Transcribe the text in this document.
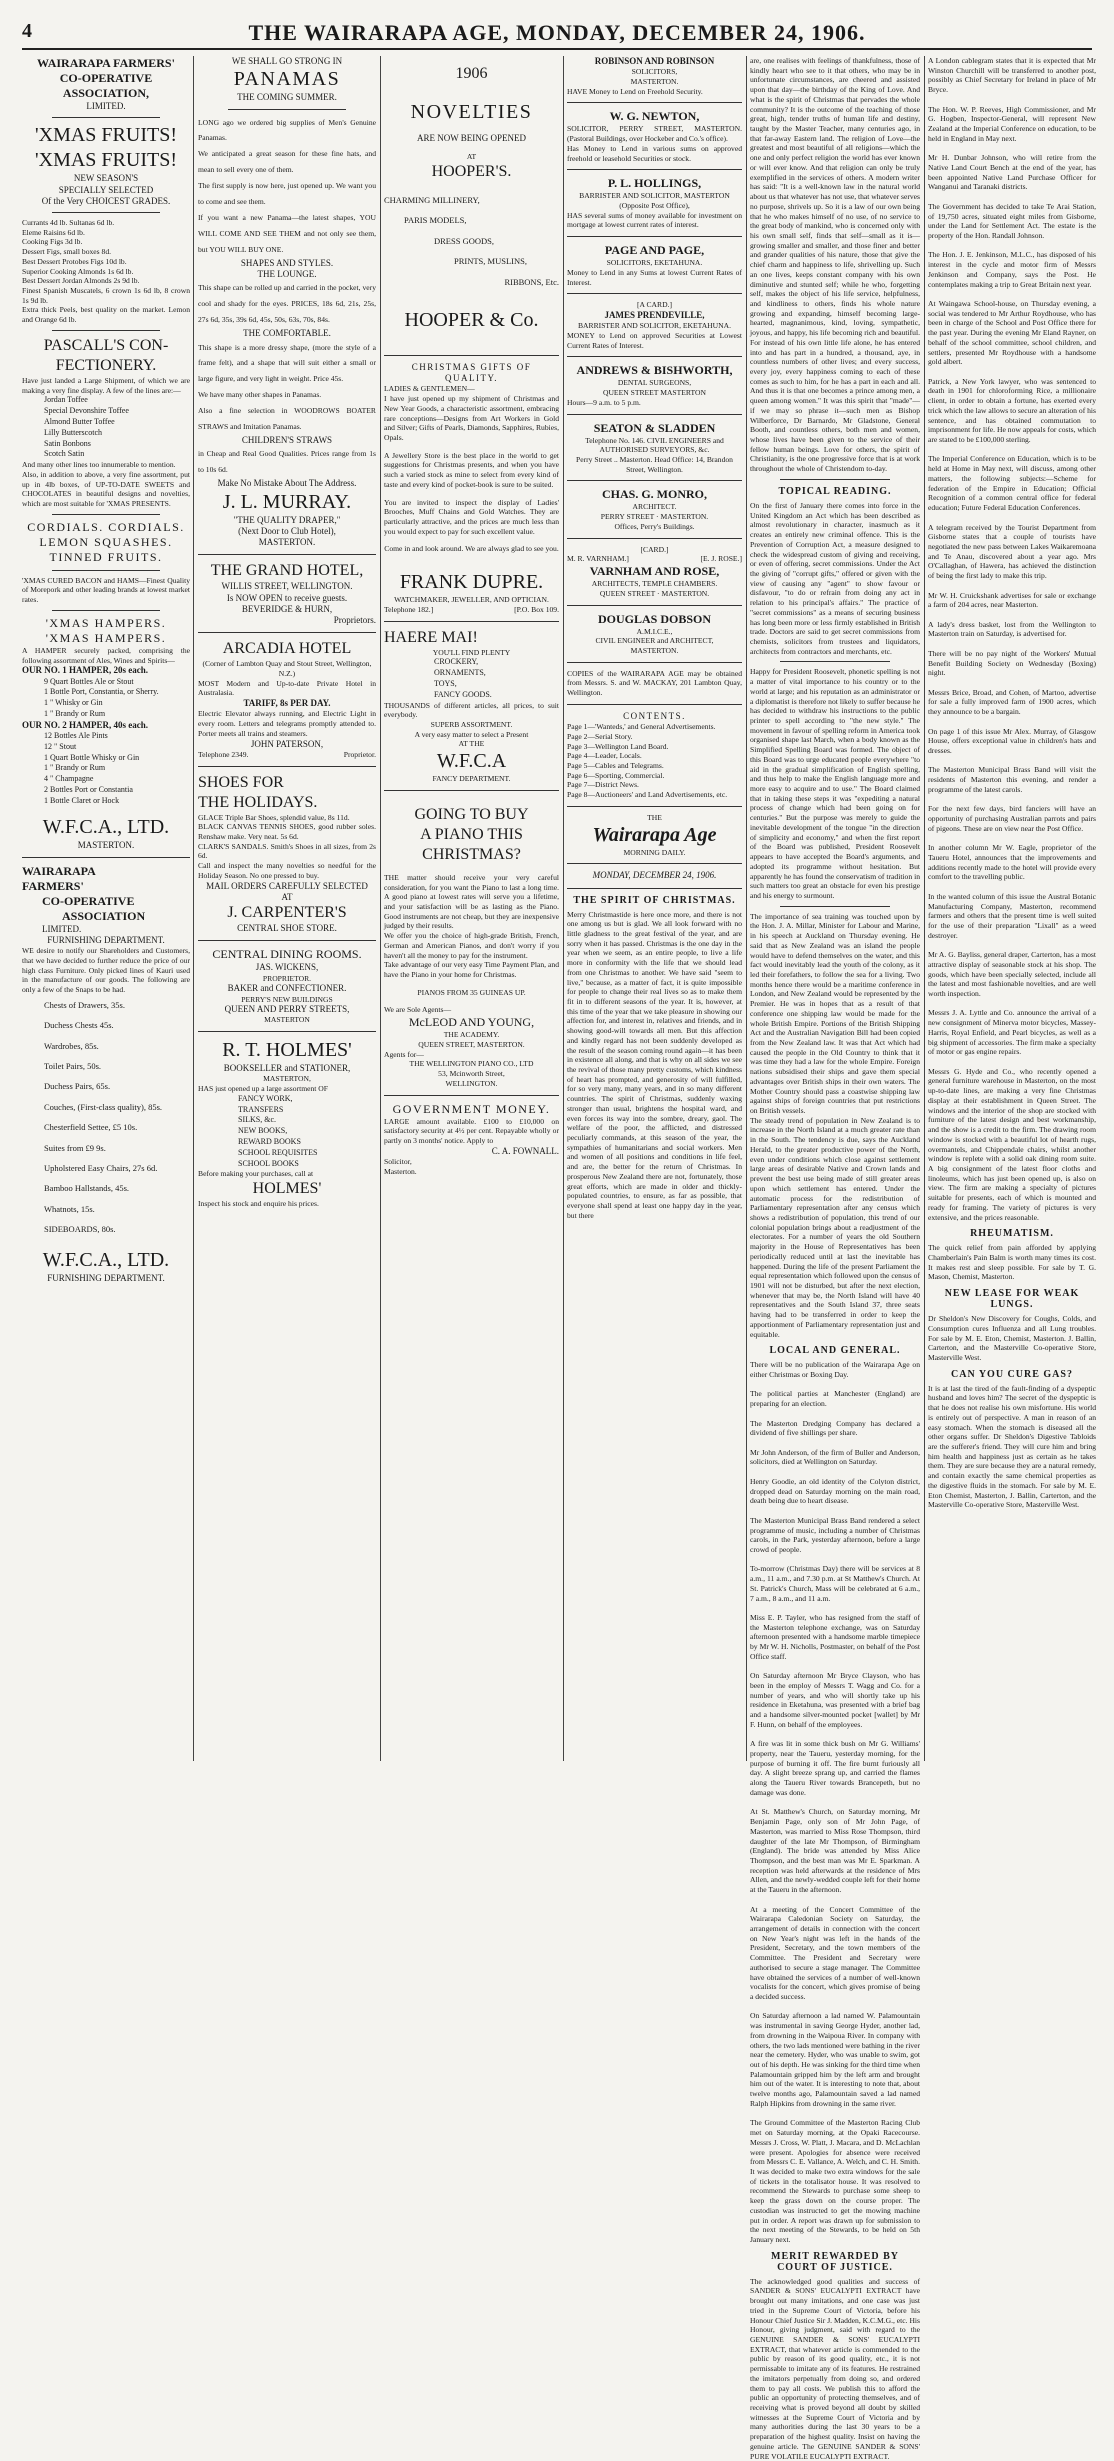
4	THE WAIRARAPA AGE, MONDAY, DECEMBER 24, 1906.

WAIRARAPA FARMERS'

CO-OPERATIVE ASSOCIATION,

LIMITED.

'XMAS FRUITS!

'XMAS FRUITS!

NEW SEASON'S

SPECIALLY SELECTED

Of the Very CHOICEST GRADES.

Currants 4d lb. Sultanas 6d lb.

Eleme Raisins 6d lb.

Cooking Figs 3d lb.

Dessert Figs, small boxes 8d.

Best Dessert Protobes Figs 10d lb.

Superior Cooking Almonds 1s 6d lb.

Best Dessert Jordan Almonds 2s 9d lb.

Finest Spanish Muscatels, 6 crown 1s 6d lb, 8 crown 1s 9d lb.

Extra thick Peels, best quality on the market. Lemon and Orange 6d lb.

PASCALL'S CON-

FECTIONERY.

Have just landed a Large Shipment, of which we are making a very fine display. A few of the lines are:—

Jordan Toffee
Special Devonshire Toffee
Almond Butter Toffee
Lilly Butterscotch
Satin Bonbons
Scotch Satin

And many other lines too innumerable to mention.

Also, in addition to above, a very fine assortment, put up in 4lb boxes, of UP-TO-DATE SWEETS and CHOCOLATES in beautiful designs and novelties, which are most suitable for 'XMAS PRESENTS.

CORDIALS. CORDIALS.

LEMON SQUASHES.

TINNED FRUITS.

'XMAS CURED BACON and HAMS—Finest Quality of Morepork and other leading brands at lowest market rates.

'XMAS HAMPERS.

'XMAS HAMPERS.

A HAMPER securely packed, comprising the following assortment of Ales, Wines and Spirits—

OUR NO. 1 HAMPER, 20s each.

9 Quart Bottles Ale or Stout
1 Bottle Port, Constantia, or Sherry.
1 " Whisky or Gin
1 " Brandy or Rum

OUR NO. 2 HAMPER, 40s each.

12 Bottles Ale Pints
12 " Stout
1 Quart Bottle Whisky or Gin
1 " Brandy or Rum
4 " Champagne
2 Bottles Port or Constantia
1 Bottle Claret or Hock

W.F.C.A., LTD.

MASTERTON.

WAIRARAPA

FARMERS'

CO-OPERATIVE

ASSOCIATION

LIMITED.

FURNISHING DEPARTMENT.

WE desire to notify our Shareholders and Customers, that we have decided to further reduce the price of our high class Furniture. Only picked lines of Kauri used in the manufacture of our goods. The following are only a few of the Snaps to be had.

Chests of Drawers, 35s.
Duchess Chests 45s.
Wardrobes, 85s.
Toilet Pairs, 50s.
Duchess Pairs, 65s.
Couches, (First-class quality), 85s.
Chesterfield Settee, £5 10s.
Suites from £9 9s.
Upholstered Easy Chairs, 27s 6d.
Bamboo Hallstands, 45s.
Whatnots, 15s.
SIDEBOARDS, 80s.

W.F.C.A., LTD.

FURNISHING DEPARTMENT.

WE SHALL GO STRONG IN

PANAMAS

THE COMING SUMMER.

LONG ago we ordered big supplies of Men's Genuine Panamas.

We anticipated a great season for these fine hats, and mean to sell every one of them.

The first supply is now here, just opened up. We want you to come and see them.

If you want a new Panama—the latest shapes, YOU WILL COME AND SEE THEM and not only see them, but YOU WILL BUY ONE.

SHAPES AND STYLES.

THE LOUNGE.

This shape can be rolled up and carried in the pocket, very cool and shady for the eyes. PRICES, 18s 6d, 21s, 25s, 27s 6d, 35s, 39s 6d, 45s, 50s, 63s, 70s, 84s.

THE COMFORTABLE.

This shape is a more dressy shape, (more the style of a frame felt), and a shape that will suit either a small or large figure, and very light in weight. Price 45s.

We have many other shapes in Panamas.

Also a fine selection in WOODROWS BOATER STRAWS and Imitation Panamas.

CHILDREN'S STRAWS

in Cheap and Real Good Qualities. Prices range from 1s to 10s 6d.

Make No Mistake About The Address.

J. L. MURRAY.

"THE QUALITY DRAPER,"

(Next Door to Club Hotel),

MASTERTON.

THE GRAND HOTEL,

WILLIS STREET, WELLINGTON.

Is NOW OPEN to receive guests.

BEVERIDGE & HURN,

Proprietors.

ARCADIA HOTEL

(Corner of Lambton Quay and Stout Street, Wellington, N.Z.)

MOST Modern and Up-to-date Private Hotel in Australasia.

TARIFF, 8s PER DAY.

Electric Elevator always running, and Electric Light in every room. Letters and telegrams promptly attended to. Porter meets all trains and steamers.

JOHN PATERSON,

Telephone 2349.	Proprietor.

SHOES FOR

THE HOLIDAYS.

GLACE Triple Bar Shoes, splendid value, 8s 11d.

BLACK CANVAS TENNIS SHOES, good rubber soles. Renshaw make. Very neat. 5s 6d.

CLARK'S SANDALS. Smith's Shoes in all sizes, from 2s 6d.

Call and inspect the many novelties so needful for the Holiday Season. No one pressed to buy.

MAIL ORDERS CAREFULLY SELECTED

AT

J. CARPENTER'S

CENTRAL SHOE STORE.

CENTRAL DINING ROOMS.

JAS. WICKENS,

PROPRIETOR.

BAKER and CONFECTIONER.

PERRY'S NEW BUILDINGS

QUEEN AND PERRY STREETS,

MASTERTON

R. T. HOLMES'

BOOKSELLER and STATIONER,

MASTERTON,

HAS just opened up a large assortment OF

FANCY WORK,
TRANSFERS
SILKS, &c.
NEW BOOKS,
REWARD BOOKS
SCHOOL REQUISITES
SCHOOL BOOKS

Before making your purchases, call at

HOLMES'

Inspect his stock and enquire his prices.

1906

NOVELTIES

ARE NOW BEING OPENED

AT

HOOPER'S.

CHARMING MILLINERY,
PARIS MODELS,
DRESS GOODS,
PRINTS, MUSLINS,
RIBBONS, Etc.

HOOPER & Co.

CHRISTMAS GIFTS OF

QUALITY.

LADIES & GENTLEMEN—

I have just opened up my shipment of Christmas and New Year Goods, a characteristic assortment, embracing rare conceptions—Designs from Art Workers in Gold and Silver; Gifts of Pearls, Diamonds, Sapphires, Rubies, Opals.

A Jewellery Store is the best place in the world to get suggestions for Christmas presents, and when you have such a varied stock as mine to select from every kind of taste and every kind of pocket-book is sure to be suited.

You are invited to inspect the display of Ladies' Brooches, Muff Chains and Gold Watches. They are particularly attractive, and the prices are much less than you would expect to pay for such excellent value.

Come in and look around. We are always glad to see you.

FRANK DUPRE.

WATCHMAKER, JEWELLER, AND OPTICIAN.

Telephone 182.]	[P.O. Box 109.

HAERE MAI!

YOU'LL FIND PLENTY

CROCKERY,
ORNAMENTS,
TOYS,
FANCY GOODS.

THOUSANDS of different articles, all prices, to suit everybody.

SUPERB ASSORTMENT.

A very easy matter to select a Present

AT THE

W.F.C.A

FANCY DEPARTMENT.

GOING TO BUY

A PIANO THIS

CHRISTMAS?

THE matter should receive your very careful consideration, for you want the Piano to last a long time. A good piano at lowest rates will serve you a lifetime, and your satisfaction will be as lasting as the Piano. Good instruments are not cheap, but they are inexpensive judged by their results.

We offer you the choice of high-grade British, French, German and American Pianos, and don't worry if you haven't all the money to pay for the instrument.

Take advantage of our very easy Time Payment Plan, and have the Piano in your home for Christmas.

PIANOS FROM 35 GUINEAS UP.

We are Sole Agents—

McLEOD AND YOUNG,

THE ACADEMY.

QUEEN STREET, MASTERTON.

Agents for—

THE WELLINGTON PIANO CO., LTD

53, Mcinworth Street,

WELLINGTON.

GOVERNMENT MONEY.

LARGE amount available. £100 to £10,000 on satisfactory security at 4½ per cent. Repayable wholly or partly on 3 months' notice. Apply to

C. A. FOWNALL.

Solicitor,

Masterton.

ROBINSON AND ROBINSON

SOLICITORS,

MASTERTON.

HAVE Money to Lend on Freehold Security.

W. G. NEWTON,

SOLICITOR, PERRY STREET, MASTERTON. (Pastoral Buildings, over Hockeber and Co.'s office).

Has Money to Lend in various sums on approved freehold or leasehold Securities or stock.

P. L. HOLLINGS,

BARRISTER AND SOLICITOR, MASTERTON (Opposite Post Office),

HAS several sums of money available for investment on mortgage at lowest current rates of interest.

PAGE AND PAGE,

SOLICITORS, EKETAHUNA.

Money to Lend in any Sums at lowest Current Rates of Interest.

[A CARD.]

JAMES PRENDEVILLE,

BARRISTER AND SOLICITOR, EKETAHUNA.

MONEY to Lend on approved Securities at Lowest Current Rates of Interest.

ANDREWS & BISHWORTH,

DENTAL SURGEONS,

QUEEN STREET MASTERTON

Hours—9 a.m. to 5 p.m.

SEATON & SLADDEN

Telephone No. 146. CIVIL ENGINEERS and AUTHORISED SURVEYORS, &c.

Perry Street .. Masterton. Head Office: 14, Brandon Street, Wellington.

CHAS. G. MONRO,

ARCHITECT.

PERRY STREET · MASTERTON.

Offices, Perry's Buildings.

[CARD.]

M. R. VARNHAM.]	[E. J. ROSE.]

VARNHAM AND ROSE,

ARCHITECTS, TEMPLE CHAMBERS.

QUEEN STREET · MASTERTON.

DOUGLAS DOBSON

A.M.I.C.E.,

CIVIL ENGINEER and ARCHITECT,

MASTERTON.

COPIES of the WAIRARAPA AGE may be obtained from Messrs. S. and W. MACKAY, 201 Lambton Quay, Wellington.

CONTENTS.

Page 1—'Wanteds,' and General Advertisements.

Page 2—Serial Story.

Page 3—Wellington Land Board.

Page 4—Leader, Locals.

Page 5—Cables and Telegrams.

Page 6—Sporting, Commercial.

Page 7—District News.

Page 8—Auctioneers' and Land Advertisements, etc.

THE

Wairarapa Age

MORNING DAILY.

MONDAY, DECEMBER 24, 1906.

THE SPIRIT OF CHRISTMAS.

Merry Christmastide is here once more, and there is not one among us but is glad. We all look forward with no little gladness to the great festival of the year, and are sorry when it has passed. Christmas is the one day in the year when we seem, as an entire people, to live a life more in conformity with the life that we should lead from one Christmas to another. We have said "seem to live," because, as a matter of fact, it is quite impossible for people to change their real lives so as to make them fit in to different seasons of the year. It is, however, at this time of the year that we take pleasure in showing our affection for, and interest in, relatives and friends, and in showing good-will towards all men. But this affection and kindly regard has not been suddenly developed as the result of the season coming round again—it has been in existence all along, and that is why on all sides we see the revival of those many pretty customs, which kindness of heart has prompted, and generosity of will fulfilled, for so very many, many years, and in so many different countries. The spirit of Christmas, suddenly waxing stronger than usual, brightens the hospital ward, and even forces its way into the sombre, dreary, gaol. The welfare of the poor, the afflicted, and distressed peculiarly commands, at this season of the year, the sympathies of humanitarians and social workers. Men and women of all positions and conditions in life feel, and are, the better for the return of Christmas. In prosperous New Zealand there are not, fortunately, those great efforts, which are made in older and thickly-populated countries, to ensure, as far as possible, that everyone shall spend at least one happy day in the year, but there

are, one realises with feelings of thankfulness, those of kindly heart who see to it that others, who may be in unfortunate circumstances, are cheered and assisted upon that day—the birthday of the King of Love. And what is the spirit of Christmas that pervades the whole community? It is the outcome of the teaching of those great, high, tender truths of human life and destiny, taught by the Master Teacher, many centuries ago, in that far-away Eastern land. The religion of Love—the greatest and most beautiful of all religions—which the one and only perfect religion the world has ever known or will ever know. And that religion can only be truly exemplified in the services of others. A modern writer has said: "It is a well-known law in the natural world about us that whatever has not use, that whatever serves no purpose, shrivels up. So it is a law of our own being that he who makes himself of no use, of no service to the great body of mankind, who is concerned only with his own small self, finds that self—small as it is—growing smaller and smaller, and those finer and better and grander qualities of his nature, those that give the chief charm and happiness to life, shrivelling up. Such an one lives, keeps constant company with his own diminutive and stunted self; while he who, forgetting self, makes the object of his life service, helpfulness, and kindliness to others, finds his whole nature growing and expanding, himself becoming large-hearted, magnanimous, kind, loving, sympathetic, joyous, and happy, his life becoming rich and beautiful. For instead of his own little life alone, he has entered into and has part in a hundred, a thousand, aye, in countless numbers of other lives; and every success, every joy, every happiness coming to each of these comes as such to him, for he has a part in each and all. And thus it is that one becomes a prince among men, a queen among women." It was this spirit that "made"—if we may so phrase it—such men as Bishop Wilberforce, Dr Barnardo, Mr Gladstone, General Booth, and countless others, both men and women, whose lives have been given to the service of their fellow human beings. Love for others, the spirit of Christianity, is the one progressive force that is at work throughout the whole of Christendom to-day.

TOPICAL READING.

On the first of January there comes into force in the United Kingdom an Act which has been described as almost revolutionary in character, inasmuch as it creates an entirely new criminal offence. This is the Prevention of Corruption Act, a measure designed to check the widespread custom of giving and receiving, or even of offering, secret commissions. Under the Act the giving of "corrupt gifts," offered or given with the view of causing any "agent" to show favour or disfavour, "to do or refrain from doing any act in relation to his principal's affairs." The practice of "secret commissions" as a means of securing business has long been more or less firmly established in British trade. Doctors are said to get secret commissions from chemists, solicitors from trustees and liquidators, architects from contractors and merchants, etc.

Happy for President Roosevelt, phonetic spelling is not a matter of vital importance to his country or to the world at large; and his reputation as an administrator or a diplomatist is therefore not likely to suffer because he has decided to withdraw his instructions to the public printer to spell according to "the new style." The movement in favour of spelling reform in America took organised shape last March, when a body known as the Simplified Spelling Board was formed. The object of this Board was to urge educated people everywhere "to aid in the gradual simplification of English spelling, and thus help to make the English language more and more easy to acquire and to use." The Board claimed that in taking these steps it was "expediting a natural process of change which had been going on for centuries." But the purpose was merely to guide the inevitable development of the tongue "in the direction of simplicity and economy," and when the first report of the Board was published, President Roosevelt appears to have accepted the Board's arguments, and adopted its programme without hesitation. But apparently he has found the conservatism of tradition in such matters too great an obstacle for even his prestige and his energy to surmount.

The importance of sea training was touched upon by the Hon. J. A. Millar, Minister for Labour and Marine, in his speech at Auckland on Thursday evening. He said that as New Zealand was an island the people would have to defend themselves on the water, and this fact would inevitably lead the youth of the colony, as it led their forefathers, to follow the sea for a living. Two months hence there would be a maritime conference in London, and New Zealand would be represented by the Premier. He was in hopes that as a result of that conference one shipping law would be made for the whole British Empire. Portions of the British Shipping Act and the Australian Navigation Bill had been copied from the New Zealand law. It was that Act which had caused the people in the Old Country to think that it was time they had a law for the whole Empire. Foreign nations subsidised their ships and gave them special advantages over British ships in their own waters. The Mother Country should pass a coastwise shipping law against ships of foreign countries that put restrictions on British vessels.

The steady trend of population in New Zealand is to increase in the North Island at a much greater rate than in the South. The tendency is due, says the Auckland Herald, to the greater productive power of the North, even under conditions which close against settlement large areas of desirable Native and Crown lands and prevent the best use being made of still greater areas upon which settlement has entered. Under the automatic process for the redistribution of Parliamentary representation after any census which shows a redistribution of population, this trend of our colonial population brings about a readjustment of the electorates. For a number of years the old Southern majority in the House of Representatives has been periodically reduced until at last the inevitable has happened. During the life of the present Parliament the equal representation which followed upon the census of 1901 will not be disturbed, but after the next election, whenever that may be, the North Island will have 40 representatives and the South Island 37, three seats having had to be transferred in order to keep the apportionment of Parliamentary representation just and equitable.

LOCAL AND GENERAL.

There will be no publication of the Wairarapa Age on either Christmas or Boxing Day.

The political parties at Manchester (England) are preparing for an election.

The Masterton Dredging Company has declared a dividend of five shillings per share.

Mr John Anderson, of the firm of Buller and Anderson, solicitors, died at Wellington on Saturday.

Henry Goodie, an old identity of the Colyton district, dropped dead on Saturday morning on the main road, death being due to heart disease.

The Masterton Municipal Brass Band rendered a select programme of music, including a number of Christmas carols, in the Park, yesterday afternoon, before a large crowd of people.

To-morrow (Christmas Day) there will be services at 8 a.m., 11 a.m., and 7.30 p.m. at St Matthew's Church. At St. Patrick's Church, Mass will be celebrated at 6 a.m., 7 a.m., 8 a.m., and 11 a.m.

Miss E. P. Tayler, who has resigned from the staff of the Masterton telephone exchange, was on Saturday afternoon presented with a handsome marble timepiece by Mr W. H. Nicholls, Postmaster, on behalf of the Post Office staff.

On Saturday afternoon Mr Bryce Clayson, who has been in the employ of Messrs T. Wagg and Co. for a number of years, and who will shortly take up his residence in Eketahuna, was presented with a brief bag and a handsome silver-mounted pocket [wallet] by Mr F. Hunn, on behalf of the employees.

A fire was lit in some thick bush on Mr G. Williams' property, near the Taueru, yesterday morning, for the purpose of burning it off. The fire burnt furiously all day. A slight breeze sprang up, and carried the flames along the Taueru River towards Brancepeth, but no damage was done.

At St. Matthew's Church, on Saturday morning, Mr Benjamin Page, only son of Mr John Page, of Masterton, was married to Miss Rose Thompson, third daughter of the late Mr Thompson, of Birmingham (England). The bride was attended by Miss Alice Thompson, and the best man was Mr E. Sparkman. A reception was held afterwards at the residence of Mrs Allen, and the newly-wedded couple left for their home at the Taueru in the afternoon.

At a meeting of the Concert Committee of the Wairarapa Caledonian Society on Saturday, the arrangement of details in connection with the concert on New Year's night was left in the hands of the President, Secretary, and the town members of the Committee. The President and Secretary were authorised to secure a stage manager. The Committee have obtained the services of a number of well-known vocalists for the concert, which gives promise of being a decided success.

On Saturday afternoon a lad named W. Palamountain was instrumental in saving George Hyder, another lad, from drowning in the Waipoua River. In company with others, the two lads mentioned were bathing in the river near the cemetery. Hyder, who was unable to swim, got out of his depth. He was sinking for the third time when Palamountain gripped him by the left arm and brought him out of the water. It is interesting to note that, about twelve months ago, Palamountain saved a lad named Ralph Hipkins from drowning in the same river.

The Ground Committee of the Masterton Racing Club met on Saturday morning, at the Opaki Racecourse. Messrs J. Cross, W. Platt, J. Macara, and D. McLachlan were present. Apologies for absence were received from Messrs C. E. Vallance, A. Welch, and C. H. Smith. It was decided to make two extra windows for the sale of tickets in the totalisator house. It was resolved to recommend the Stewards to purchase some sheep to keep the grass down on the course proper. The custodian was instructed to get the mowing machine put in order. A report was drawn up for submission to the next meeting of the Stewards, to be held on 5th January next.

MERIT REWARDED BY COURT OF JUSTICE.

The acknowledged good qualities and success of SANDER & SONS' EUCALYPTI EXTRACT have brought out many imitations, and one case was just tried in the Supreme Court of Victoria, before his Honour Chief Justice Sir J. Madden, K.C.M.G., etc. His Honour, giving judgment, said with regard to the GENUINE SANDER & SONS' EUCALYPTI EXTRACT, that whatever article is commended to the public by reason of its good quality, etc., it is not permissable to imitate any of its features. He restrained the imitators perpetually from doing so, and ordered them to pay all costs. We publish this to afford the public an opportunity of protecting themselves, and of receiving what is proved beyond all doubt by skilled witnesses at the Supreme Court of Victoria and by many authorities during the last 30 years to be a preparation of the highest quality. Insist on having the genuine article. The GENUINE SANDER & SONS' PURE VOLATILE EUCALYPTI EXTRACT.

A London cablegram states that it is expected that Mr Winston Churchill will be transferred to another post, possibly as Chief Secretary for Ireland in place of Mr Bryce.

The Hon. W. P. Reeves, High Commissioner, and Mr G. Hogben, Inspector-General, will represent New Zealand at the Imperial Conference on education, to be held in England in May next.

Mr H. Dunbar Johnson, who will retire from the Native Land Court Bench at the end of the year, has been appointed Native Land Purchase Officer for Wanganui and Taranaki districts.

The Government has decided to take Te Arai Station, of 19,750 acres, situated eight miles from Gisborne, under the Land for Settlement Act. The estate is the property of the Hon. Randall Johnson.

The Hon. J. E. Jenkinson, M.L.C., has disposed of his interest in the cycle and motor firm of Messrs Jenkinson and Company, says the Post. He contemplates making a trip to Great Britain next year.

At Waingawa School-house, on Thursday evening, a social was tendered to Mr Arthur Roydhouse, who has been in charge of the School and Post Office there for the past year. During the evening Mr Eland Rayner, on behalf of the school committee, school children, and settlers, presented Mr Roydhouse with a handsome gold albert.

Patrick, a New York lawyer, who was sentenced to death in 1901 for chloroforming Rice, a millionaire client, in order to obtain a fortune, has exerted every trick which the law allows to secure an alteration of his sentence, and has obtained commutation to imprisonment for life. He now appeals for costs, which are stated to be £100,000 sterling.

The Imperial Conference on Education, which is to be held at Home in May next, will discuss, among other matters, the following subjects:—Scheme for federation of the Empire in Education; Official Recognition of a common central office for federal education; Future Federal Education Conferences.

A telegram received by the Tourist Department from Gisborne states that a couple of tourists have negotiated the new pass between Lakes Waikaremoana and Te Anau, discovered about a year ago. Mrs O'Callaghan, of Hawera, has achieved the distinction of being the first lady to make this trip.

Mr W. H. Cruickshank advertises for sale or exchange a farm of 204 acres, near Masterton.

A lady's dress basket, lost from the Wellington to Masterton train on Saturday, is advertised for.

There will be no pay night of the Workers' Mutual Benefit Building Society on Wednesday (Boxing) night.

Messrs Brice, Broad, and Cohen, of Martoo, advertise for sale a fully improved farm of 1900 acres, which they announce to be a bargain.

On page 1 of this issue Mr Alex. Murray, of Glasgow House, offers exceptional value in children's hats and dresses.

The Masterton Municipal Brass Band will visit the residents of Masterton this evening, and render a programme of the latest carols.

For the next few days, bird fanciers will have an opportunity of purchasing Australian parrots and pairs of pigeons. These are on view near the Post Office.

In another column Mr W. Eagle, proprietor of the Taueru Hotel, announces that the improvements and additions recently made to the hotel will provide every comfort to the travelling public.

In the wanted column of this issue the Austral Botanic Manufacturing Company, Masterton, recommend farmers and others that the present time is well suited for the use of their preparation "Lixall" as a weed destroyer.

Mr A. G. Bayliss, general draper, Carterton, has a most attractive display of seasonable stock at his shop. The goods, which have been specially selected, include all the latest and most fashionable novelties, and are well worth inspection.

Messrs J. A. Lyttle and Co. announce the arrival of a new consignment of Minerva motor bicycles, Massey-Harris, Royal Enfield, and Pearl bicycles, as well as a big shipment of accessories. The firm make a specialty of motor or gas engine repairs.

Messrs G. Hyde and Co., who recently opened a general furniture warehouse in Masterton, on the most up-to-date lines, are making a very fine Christmas display at their establishment in Queen Street. The windows and the interior of the shop are stocked with furniture of the latest design and best workmanship, and the show is a credit to the firm. The drawing room window is stocked with a beautiful lot of hearth rugs, overmantels, and Chippendale chairs, whilst another window is replete with a solid oak dining room suite. A big consignment of the latest floor cloths and linoleums, which has just been opened up, is also on view. The firm are making a specialty of pictures suitable for presents, each of which is mounted and ready for framing. The variety of pictures is very extensive, and the prices reasonable.

RHEUMATISM.

The quick relief from pain afforded by applying Chamberlain's Pain Balm is worth many times its cost. It makes rest and sleep possible. For sale by T. G. Mason, Chemist, Masterton.

NEW LEASE FOR WEAK LUNGS.

Dr Sheldon's New Discovery for Coughs, Colds, and Consumption cures Influenza and all Lung troubles. For sale by M. E. Eton, Chemist, Masterton. J. Ballin, Carterton, and the Masterville Co-operative Store, Masterville West.

CAN YOU CURE GAS?

It is at last the tired of the fault-finding of a dyspeptic husband and loves him? The secret of the dyspeptic is that he does not realise his own misfortune. His world is entirely out of perspective. A man in reason of an easy stomach. When the stomach is diseased all the other organs suffer. Dr Sheldon's Digestive Tabloids are the sufferer's friend. They will cure him and bring him health and happiness just as certain as he takes them. They are sure because they are a natural remedy, and contain exactly the same chemical properties as the digestive fluids in the stomach. For sale by M. E. Eton Chemist, Masterton, J. Ballin, Carterton, and the Masterville Co-operative Store, Masterville West.
